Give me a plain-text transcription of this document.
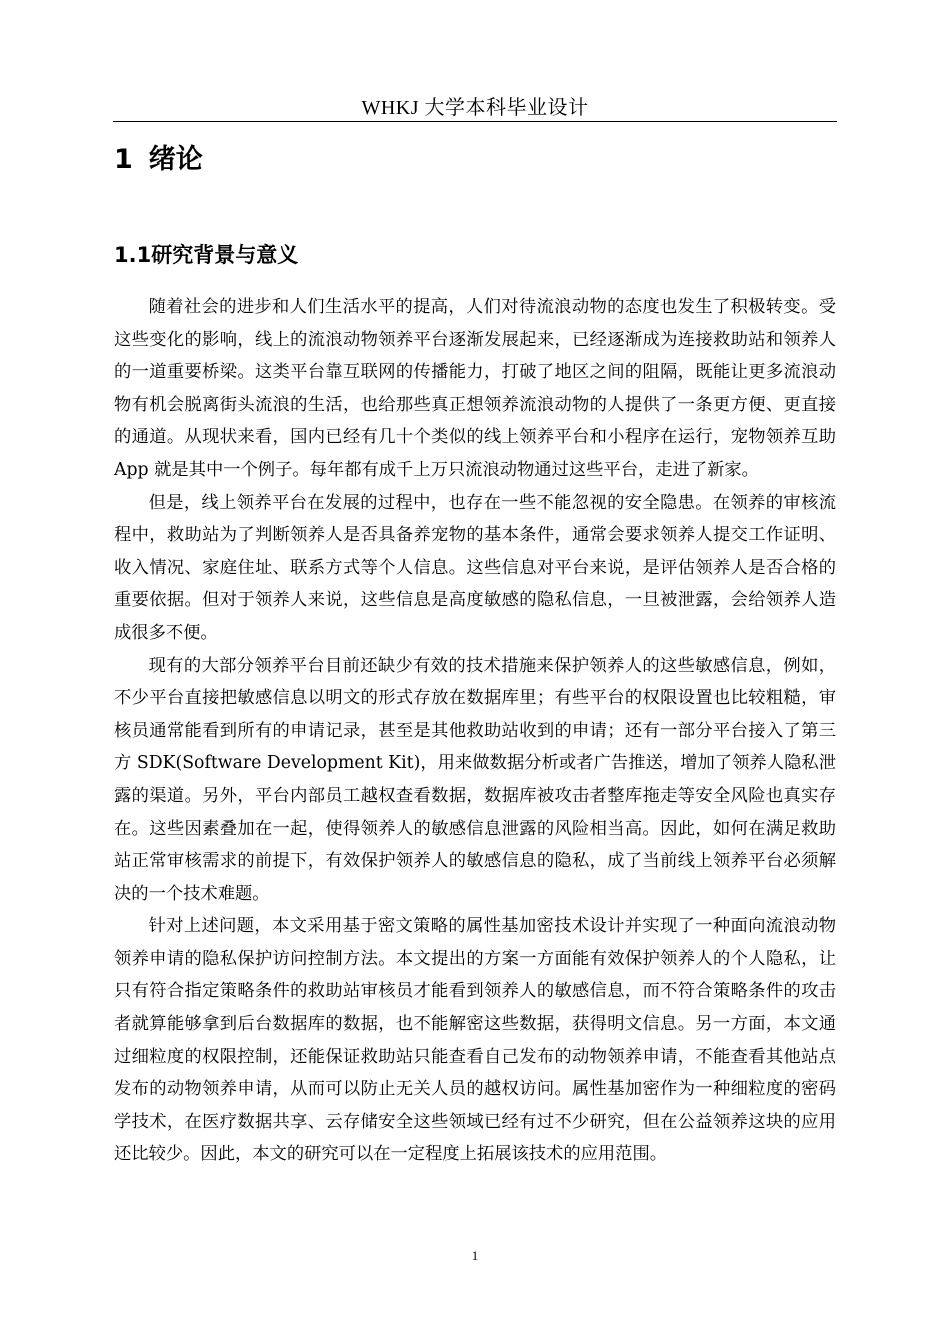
WHKJ 大学本科毕业设计
1 绪论
1.1研究背景与意义

随着社会的进步和人们生活水平的提高，人们对待流浪动物的态度也发生了积极转变。受这些变化的影响，线上的流浪动物领养平台逐渐发展起来，已经逐渐成为连接救助站和领养人的一道重要桥梁。这类平台靠互联网的传播能力，打破了地区之间的阻隔，既能让更多流浪动物有机会脱离街头流浪的生活，也给那些真正想领养流浪动物的人提供了一条更方便、更直接的通道。从现状来看，国内已经有几十个类似的线上领养平台和小程序在运行，宠物领养互助 App 就是其中一个例子。每年都有成千上万只流浪动物通过这些平台，走进了新家。

但是，线上领养平台在发展的过程中，也存在一些不能忽视的安全隐患。在领养的审核流程中，救助站为了判断领养人是否具备养宠物的基本条件，通常会要求领养人提交工作证明、收入情况、家庭住址、联系方式等个人信息。这些信息对平台来说，是评估领养人是否合格的重要依据。但对于领养人来说，这些信息是高度敏感的隐私信息，一旦被泄露，会给领养人造成很多不便。

现有的大部分领养平台目前还缺少有效的技术措施来保护领养人的这些敏感信息，例如，不少平台直接把敏感信息以明文的形式存放在数据库里；有些平台的权限设置也比较粗糙，审核员通常能看到所有的申请记录，甚至是其他救助站收到的申请；还有一部分平台接入了第三方 SDK(Software Development Kit)，用来做数据分析或者广告推送，增加了领养人隐私泄露的渠道。另外，平台内部员工越权查看数据，数据库被攻击者整库拖走等安全风险也真实存在。这些因素叠加在一起，使得领养人的敏感信息泄露的风险相当高。因此，如何在满足救助站正常审核需求的前提下，有效保护领养人的敏感信息的隐私，成了当前线上领养平台必须解决的一个技术难题。

针对上述问题，本文采用基于密文策略的属性基加密技术设计并实现了一种面向流浪动物领养申请的隐私保护访问控制方法。本文提出的方案一方面能有效保护领养人的个人隐私，让只有符合指定策略条件的救助站审核员才能看到领养人的敏感信息，而不符合策略条件的攻击者就算能够拿到后台数据库的数据，也不能解密这些数据，获得明文信息。另一方面，本文通过细粒度的权限控制，还能保证救助站只能查看自己发布的动物领养申请，不能查看其他站点发布的动物领养申请，从而可以防止无关人员的越权访问。属性基加密作为一种细粒度的密码学技术，在医疗数据共享、云存储安全这些领域已经有过不少研究，但在公益领养这块的应用还比较少。因此，本文的研究可以在一定程度上拓展该技术的应用范围。

1
